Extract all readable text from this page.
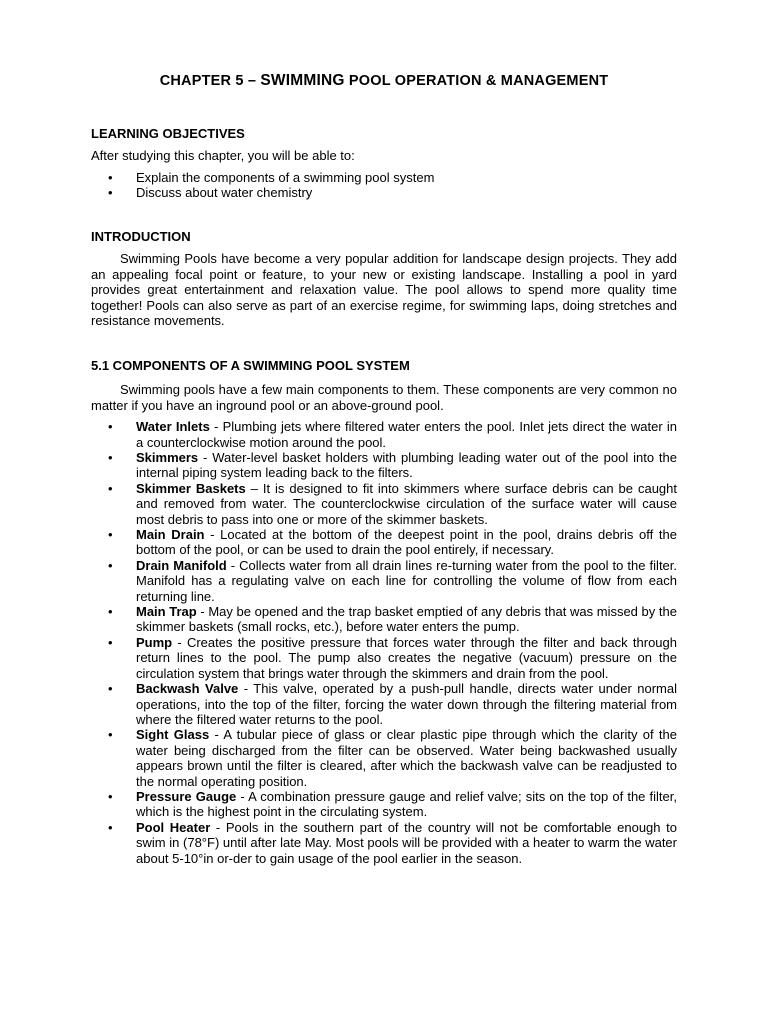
CHAPTER 5 – SWIMMING POOL OPERATION & MANAGEMENT
LEARNING OBJECTIVES

After studying this chapter, you will be able to:

• Explain the components of a swimming pool system
• Discuss about water chemistry
INTRODUCTION

Swimming Pools have become a very popular addition for landscape design projects. They add an appealing focal point or feature, to your new or existing landscape. Installing a pool in yard provides great entertainment and relaxation value. The pool allows to spend more quality time together! Pools can also serve as part of an exercise regime, for swimming laps, doing stretches and resistance movements.

5.1 COMPONENTS OF A SWIMMING POOL SYSTEM

Swimming pools have a few main components to them. These components are very common no matter if you have an inground pool or an above-ground pool.

• Water Inlets - Plumbing jets where filtered water enters the pool. Inlet jets direct the water in a counterclockwise motion around the pool.
• Skimmers - Water-level basket holders with plumbing leading water out of the pool into the internal piping system leading back to the filters.
• Skimmer Baskets – It is designed to fit into skimmers where surface debris can be caught and removed from water. The counterclockwise circulation of the surface water will cause most debris to pass into one or more of the skimmer baskets.
• Main Drain - Located at the bottom of the deepest point in the pool, drains debris off the bottom of the pool, or can be used to drain the pool entirely, if necessary.
• Drain Manifold - Collects water from all drain lines re-turning water from the pool to the filter. Manifold has a regulating valve on each line for controlling the volume of flow from each returning line.
• Main Trap - May be opened and the trap basket emptied of any debris that was missed by the skimmer baskets (small rocks, etc.), before water enters the pump.
• Pump - Creates the positive pressure that forces water through the filter and back through return lines to the pool. The pump also creates the negative (vacuum) pressure on the circulation system that brings water through the skimmers and drain from the pool.
• Backwash Valve - This valve, operated by a push-pull handle, directs water under normal operations, into the top of the filter, forcing the water down through the filtering material from where the filtered water returns to the pool.
• Sight Glass - A tubular piece of glass or clear plastic pipe through which the clarity of the water being discharged from the filter can be observed. Water being backwashed usually appears brown until the filter is cleared, after which the backwash valve can be readjusted to the normal operating position.
• Pressure Gauge - A combination pressure gauge and relief valve; sits on the top of the filter, which is the highest point in the circulating system.
• Pool Heater - Pools in the southern part of the country will not be comfortable enough to swim in (78°F) until after late May. Most pools will be provided with a heater to warm the water about 5-10°in or-der to gain usage of the pool earlier in the season.
